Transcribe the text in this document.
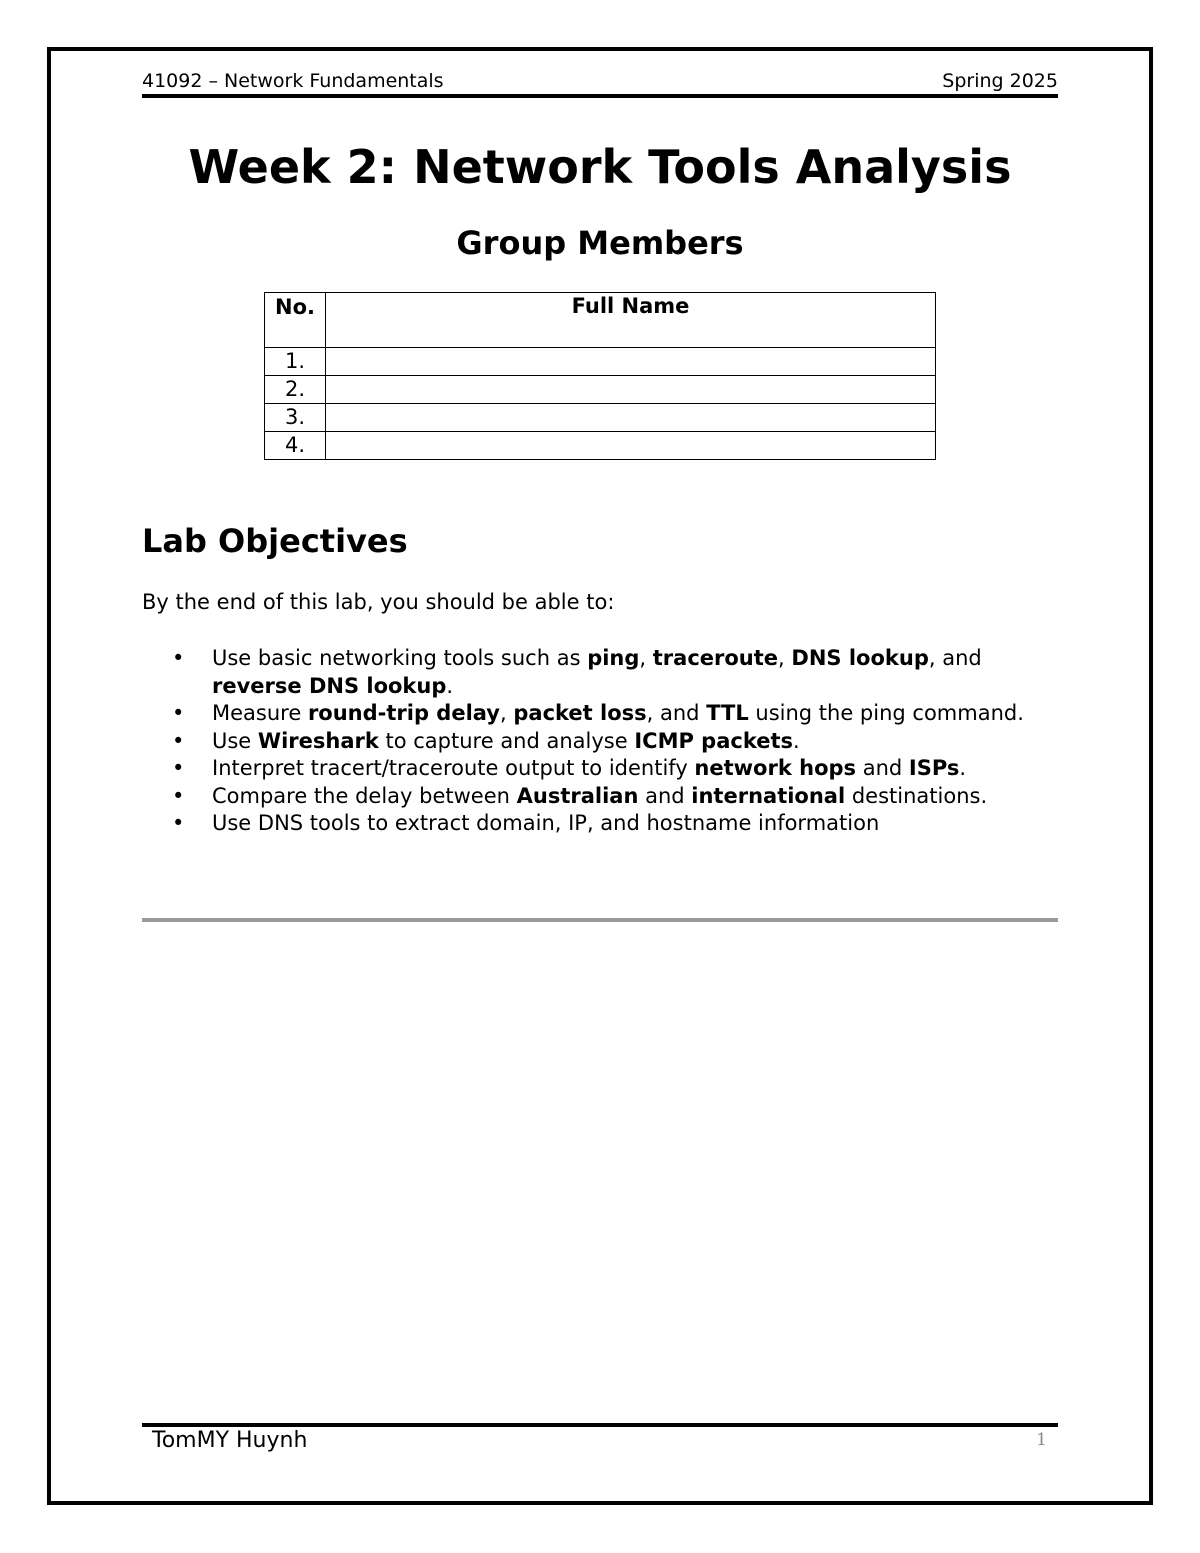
41092 – Network Fundamentals	Spring 2025
Week 2: Network Tools Analysis
Group Members
No.	Full Name
1.	
2.	
3.	
4.	
Lab Objectives
By the end of this lab, you should be able to:
• Use basic networking tools such as ping, traceroute, DNS lookup, and reverse DNS lookup.
• Measure round-trip delay, packet loss, and TTL using the ping command.
• Use Wireshark to capture and analyse ICMP packets.
• Interpret tracert/traceroute output to identify network hops and ISPs.
• Compare the delay between Australian and international destinations.
• Use DNS tools to extract domain, IP, and hostname information
TomMY Huynh	1
